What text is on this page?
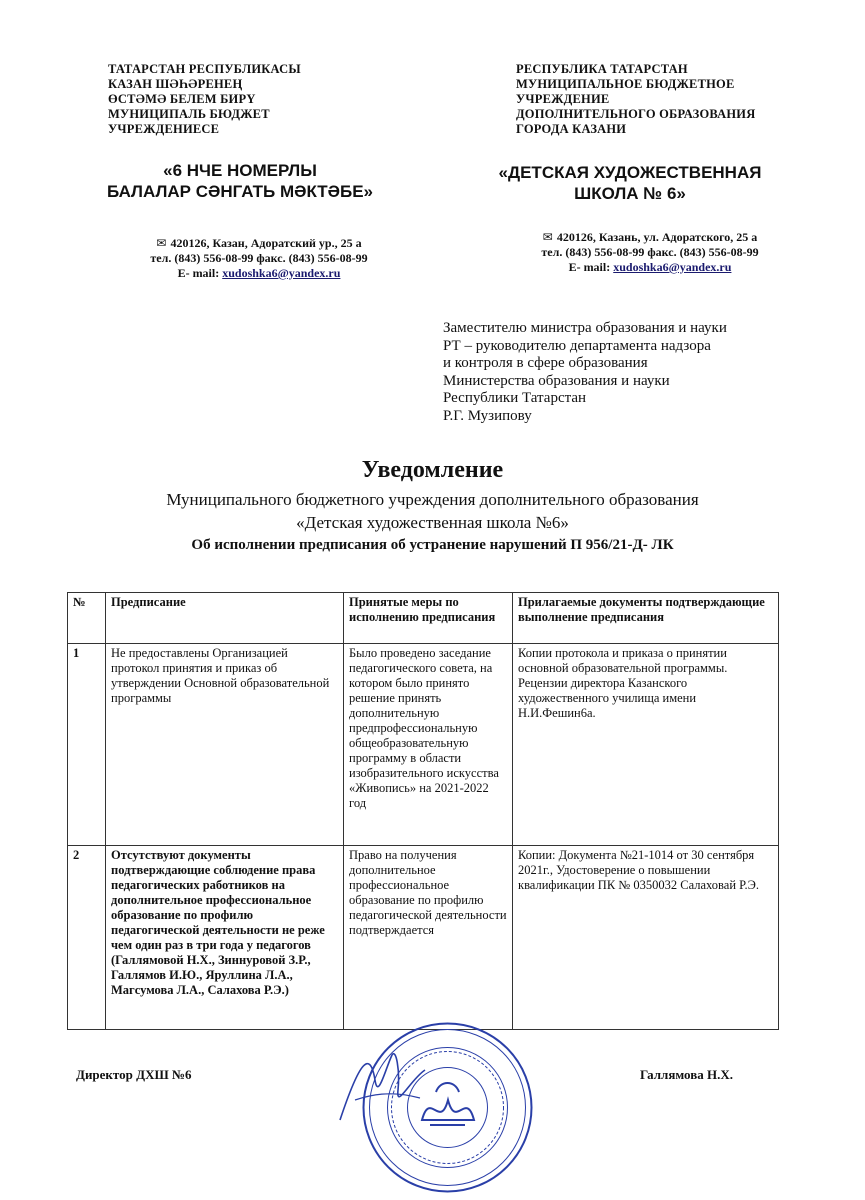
ТАТАРСТАН РЕСПУБЛИКАСЫ
КАЗАН ШӘҺӘРЕНЕҢ
ӨСТӘМӘ БЕЛЕМ БИРҮ
МУНИЦИПАЛЬ БЮДЖЕТ
УЧРЕЖДЕНИЕСЕ
РЕСПУБЛИКА ТАТАРСТАН
МУНИЦИПАЛЬНОЕ БЮДЖЕТНОЕ
УЧРЕЖДЕНИЕ
ДОПОЛНИТЕЛЬНОГО ОБРАЗОВАНИЯ
ГОРОДА КАЗАНИ
«6 НЧЕ НОМЕРЛЫ
БАЛАЛАР СӘНГАТЬ МӘКТӘБЕ»
«ДЕТСКАЯ ХУДОЖЕСТВЕННАЯ
ШКОЛА № 6»
✉ 420126, Казан, Адоратский ур., 25 а
тел. (843) 556-08-99 факс. (843) 556-08-99
E- mail: xudoshka6@yandex.ru
✉ 420126, Казань, ул. Адоратского, 25 а
тел. (843) 556-08-99 факс. (843) 556-08-99
E- mail: xudoshka6@yandex.ru
Заместителю министра образования и науки
РТ – руководителю департамента надзора
и контроля в сфере образования
Министерства образования и науки
Республики Татарстан
Р.Г. Музипову
Уведомление
Муниципального бюджетного учреждения дополнительного образования
«Детская художественная школа №6»
Об исполнении предписания об устранение нарушений П 956/21-Д- ЛК
№	Предписание	Принятые меры по исполнению предписания	Прилагаемые документы подтверждающие выполнение предписания
1	Не предоставлены Организацией протокол принятия и приказ об утверждении Основной образовательной программы	Было проведено заседание педагогического совета, на котором было принято решение принять дополнительную предпрофессиональную общеобразовательную программу в области изобразительного искусства «Живопись» на 2021-2022 год	Копии протокола и приказа о принятии основной образовательной программы. Рецензии директора Казанского художественного училища имени Н.И.Фешин6а.
2	Отсутствуют документы подтверждающие соблюдение права педагогических работников на дополнительное профессиональное образование по профилю педагогической деятельности не реже чем один раз в три года у педагогов (Галлямовой Н.Х., Зиннуровой З.Р., Галлямов И.Ю., Яруллина Л.А., Магсумова Л.А., Салахова Р.Э.)	Право на получения дополнительное профессиональное образование по профилю педагогической деятельности подтверждается	Копии: Документа №21-1014 от 30 сентября 2021г., Удостоверение о повышении квалификации ПК № 0350032 Салаховай Р.Э.
Директор ДХШ №6	Галлямова Н.Х.
